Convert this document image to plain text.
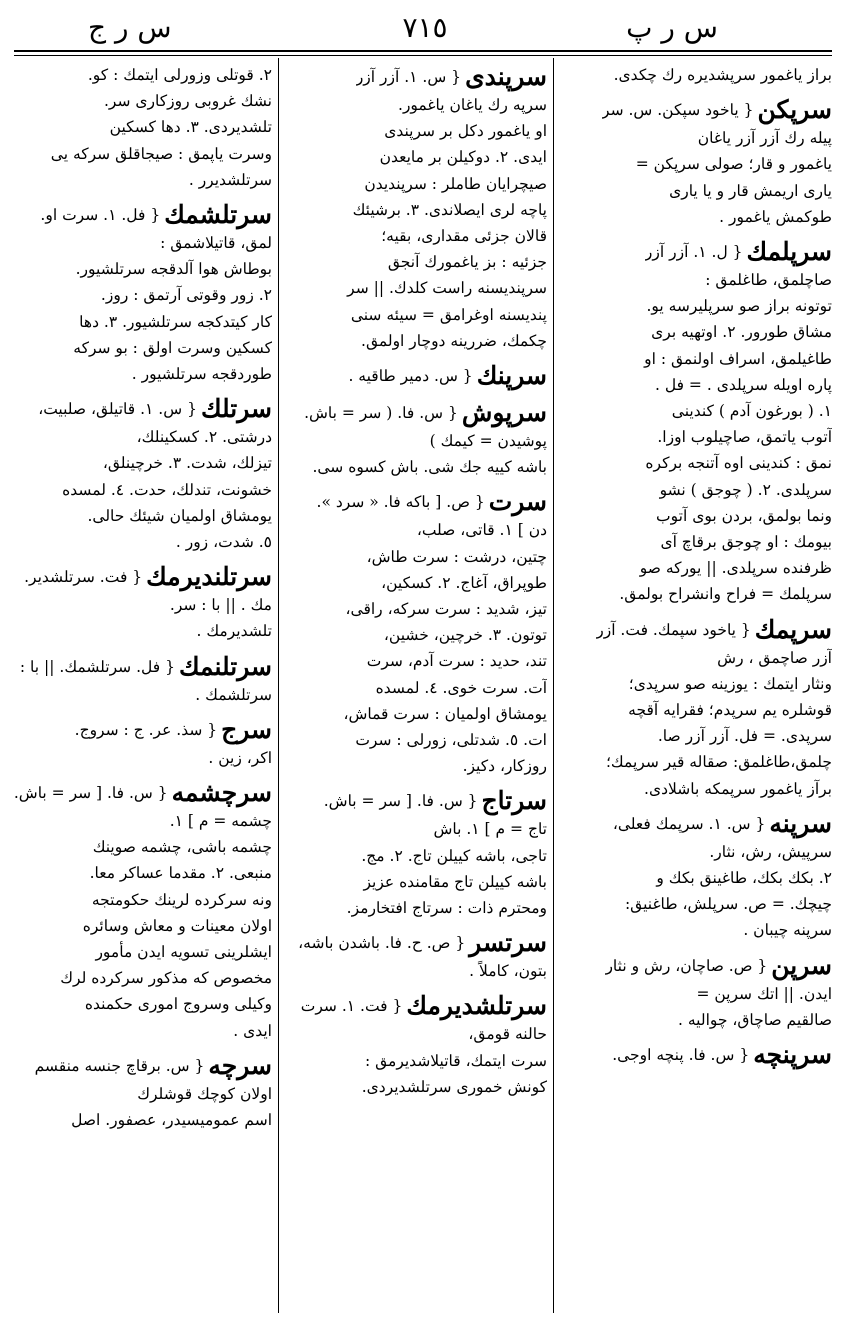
س ر پ
٧١٥
س ر ج
براز یاغمور سرپشدیره رك چكدی.
سرپكن
{ یاخود سپكن. س. سر
پیله رك آزر آزر یاغان
یاغمور و قار؛ صولی سرپكن =
یاری اریمش قار و یا یاری
طوكمش یاغمور .
سرپلمك
{ ل. ١. آزر آزر
صاچلمق، طاغلمق :
توتونه براز صو سرپلیرسه یو.
مشاق طورور. ٢. اوتهیه بری
طاغیلمق، اسراف اولنمق : او
پاره اویله سرپلدی . = فل .
١. ( بورغون آدم ) كندینی
آتوب یاتمق، صاچیلوب اوزا.
نمق : كندینی اوه آتنجه بركره
سرپلدی. ٢. ( چوجق ) نشو
ونما بولمق، بردن بوی آتوب
بیومك : او چوجق برقاچ آی
ظرفنده سرپلدی. || یوركه صو
سرپلمك = فراح وانشراح بولمق.
سرپمك
{ یاخود سپمك. فت. آزر
آزر صاچمق ، رش
ونثار ایتمك : یوزینه صو سرپدی؛
قوشلره یم سرپدم؛ فقرایه آقچه
سرپدی. = فل. آزر آزر صا.
چلمق،طاغلمق: صقاله قیر سرپمك؛
برآز یاغمور سرپمكه باشلادی.
سرپنه
{ س. ١. سرپمك فعلی،
سرپیش، رش، نثار.
٢. بكك بكك، طاغینق بكك و
چیچك. = ص. سرپلش، طاغنیق:
سرپنه چیبان .
سرپن
{ ص. صاچان، رش و نثار
ایدن. || اتك سرپن =
صالقیم صاچاق، چوالیه .
سرپنچه
{ س. فا. پنچه اوجی.
سرپندی
{ س. ١. آزر آزر
سرپه رك یاغان یاغمور.
او یاغمور دكل بر سرپندی
ایدی. ٢. دوكیلن بر مایعدن
صیچرایان طاملر : سرپندیدن
پاچه لری ایصلاندی. ٣. برشیئك
قالان جزئی مقداری، بقیه؛
جزئیه : بز یاغمورك آنجق
سرپندیسنه راست كلدك. || سر
پندیسنه اوغرامق = سیئه سنی
چكمك، ضررینه دوچار اولمق.
سرپنك
{ س. دمیر طاقیه .
سرپوش
{ س. فا. ( سر = باش.
پوشیدن = كیمك )
باشه كییه جك شی. باش كسوه سی.
سرت
{ ص. [ باكه فا. « سرد ».
دن ] ١. قاتی، صلب،
چتین، درشت : سرت طاش،
طوپراق، آغاج. ٢. كسكین،
تیز، شدید : سرت سركه، راقی،
توتون. ٣. خرچین، خشین،
تند، حدید : سرت آدم، سرت
آت. سرت خوی. ٤. لمسده
یومشاق اولمیان : سرت قماش،
ات. ٥. شدتلی، زورلی : سرت
روزكار، دكیز.
سرتاج
{ س. فا. [ سر = باش.
تاج = م ] ١. باش
تاجی، باشه كییلن تاج. ٢. مج.
باشه كییلن تاج مقامنده عزیز
ومحترم ذات : سرتاج افتخارمز.
سرتسر
{ ص. ح. فا. باشدن باشه،
بتون، كاملاً .
سرتلشدیرمك
{ فت. ١. سرت
حالنه قومق،
سرت ایتمك، قاتیلاشدیرمق :
كونش خموری سرتلشدیردی.
٢. قوتلی وزورلی ایتمك : كو.
نشك غروبی روزكاری سر.
تلشدیردی. ٣. دها كسكین
وسرت یاپمق : صیجاقلق سركه یی
سرتلشدیرر .
سرتلشمك
{ فل. ١. سرت او.
لمق، قاتیلاشمق :
بوطاش هوا آلدقجه سرتلشیور.
٢. زور وقوتی آرتمق : روز.
كار كیتدكجه سرتلشیور. ٣. دها
كسكین وسرت اولق : بو سركه
طوردقجه سرتلشیور .
سرتلك
{ س. ١. قاتیلق، صلبیت،
درشتی. ٢. كسكینلك،
تیزلك، شدت. ٣. خرچینلق،
خشونت، تندلك، حدت. ٤. لمسده
یومشاق اولمیان شیئك حالی.
٥. شدت، زور .
سرتلندیرمك
{ فت. سرتلشدیر.
مك . || با : سر.
تلشدیرمك .
سرتلنمك
{ فل. سرتلشمك. || با :
سرتلشمك .
سرج
{ سذ. عر. ج : سروج.
اكر، زین .
سرچشمه
{ س. فا. [ سر = باش.
چشمه = م ] ١.
چشمه باشی، چشمه صوینك
منبعی. ٢. مقدما عساكر معا.
ونه سركرده لرینك حكومتجه
اولان معینات و معاش وسائره
ایشلرینی تسویه ایدن مأمور
مخصوص كه مذكور سركرده لرك
وكیلی وسروج اموری حكمنده
ایدی .
سرچه
{ س. برقاچ جنسه منقسم
اولان كوچك قوشلرك
اسم عمومیسیدر، عصفور. اصل
